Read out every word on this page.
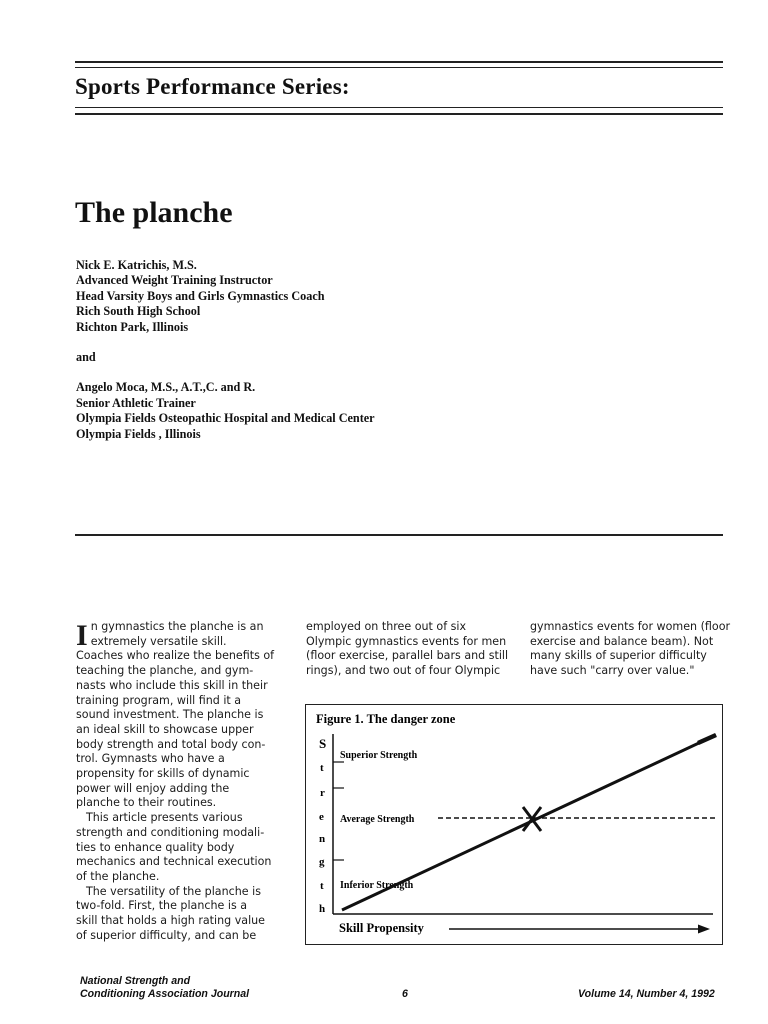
Sports Performance Series:
The planche
Nick E. Katrichis, M.S.
Advanced Weight Training Instructor
Head Varsity Boys and Girls Gymnastics Coach
Rich South High School
Richton Park, Illinois
and
Angelo Moca, M.S., A.T.,C. and R.
Senior Athletic Trainer
Olympia Fields Osteopathic Hospital and Medical Center
Olympia Fields , Illinois
I n gymnastics the planche is an
extremely versatile skill.
Coaches who realize the benefits of
teaching the planche, and gym-
nasts who include this skill in their
training program, will find it a
sound investment. The planche is
an ideal skill to showcase upper
body strength and total body con-
trol. Gymnasts who have a
propensity for skills of dynamic
power will enjoy adding the
planche to their routines.
This article presents various
strength and conditioning modali-
ties to enhance quality body
mechanics and technical execution
of the planche.
The versatility of the planche is
two-fold. First, the planche is a
skill that holds a high rating value
of superior difficulty, and can be
employed on three out of six
Olympic gymnastics events for men
(floor exercise, parallel bars and still
rings), and two out of four Olympic
gymnastics events for women (floor
exercise and balance beam). Not
many skills of superior difficulty
have such "carry over value."
Figure 1. The danger zone
S
t
r
e
n
g
t
h
Superior Strength
Average Strength
Inferior Strength
Skill Propensity
National Strength and
Conditioning Association Journal	6	Volume 14, Number 4, 1992
